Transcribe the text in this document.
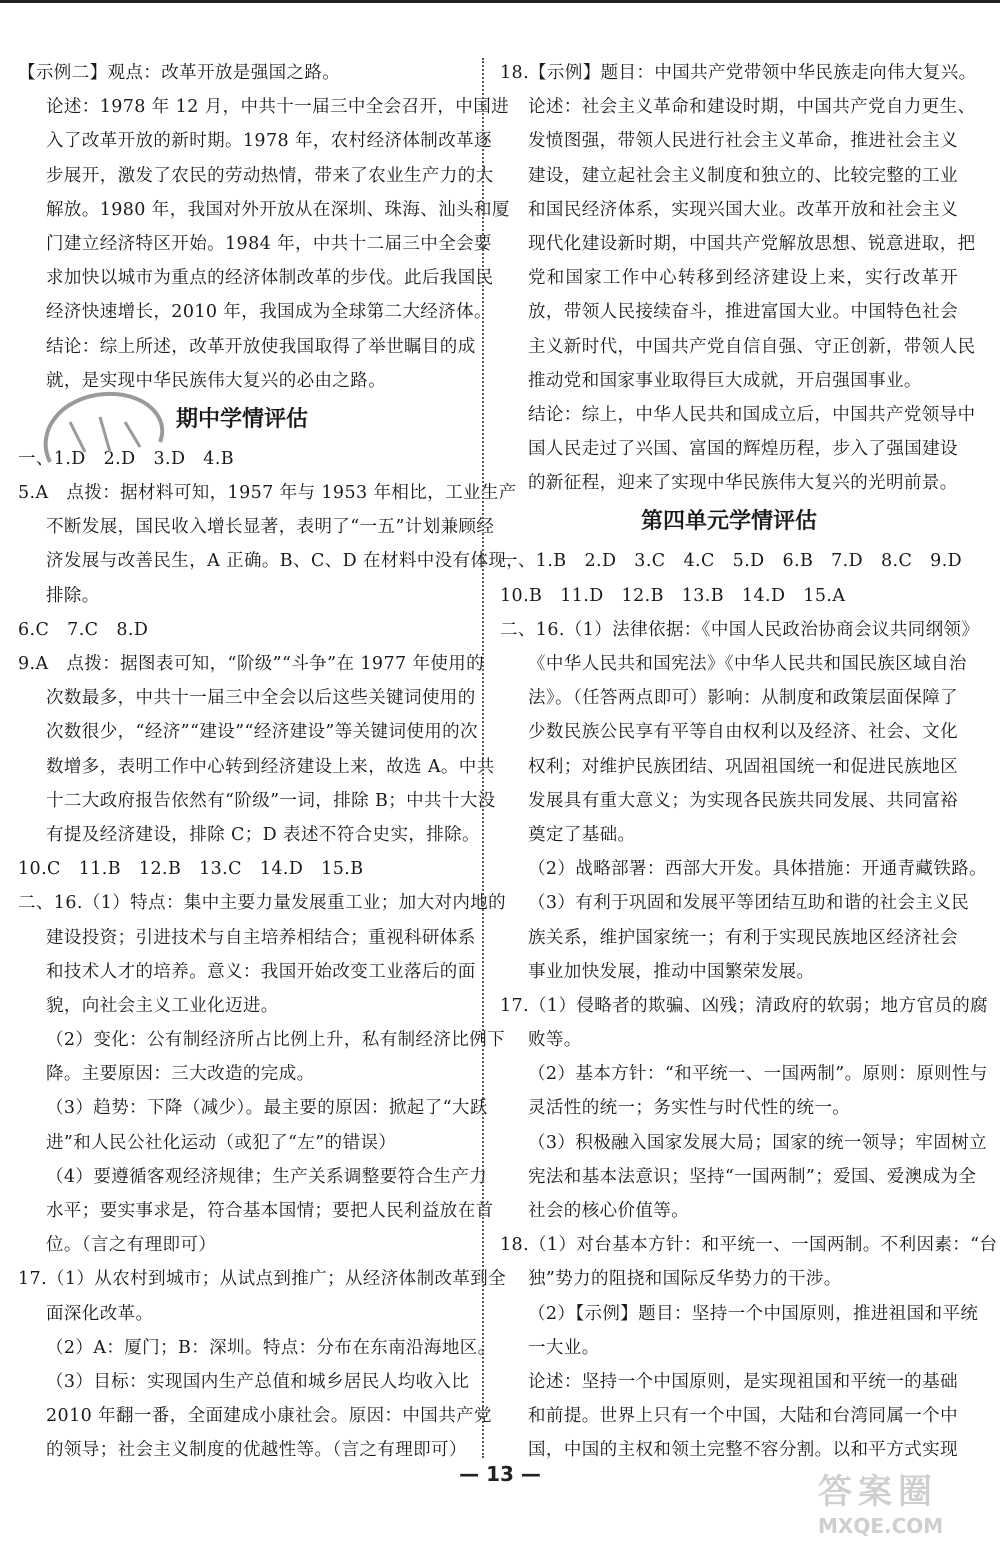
【示例二】观点：改革开放是强国之路。
论述：1978 年 12 月，中共十一届三中全会召开，中国进
入了改革开放的新时期。1978 年，农村经济体制改革逐
步展开，激发了农民的劳动热情，带来了农业生产力的大
解放。1980 年，我国对外开放从在深圳、珠海、汕头和厦
门建立经济特区开始。1984 年，中共十二届三中全会要
求加快以城市为重点的经济体制改革的步伐。此后我国民
经济快速增长，2010 年，我国成为全球第二大经济体。
结论：综上所述，改革开放使我国取得了举世瞩目的成
就，是实现中华民族伟大复兴的必由之路。
期中学情评估
一、1.D　2.D　3.D　4.B
5.A　点拨：据材料可知，1957 年与 1953 年相比，工业生产
不断发展，国民收入增长显著，表明了“一五”计划兼顾经
济发展与改善民生，A 正确。B、C、D 在材料中没有体现，
排除。
6.C　7.C　8.D
9.A　点拨：据图表可知，“阶级”“斗争”在 1977 年使用的
次数最多，中共十一届三中全会以后这些关键词使用的
次数很少，“经济”“建设”“经济建设”等关键词使用的次
数增多，表明工作中心转到经济建设上来，故选 A。中共
十二大政府报告依然有“阶级”一词，排除 B；中共十大没
有提及经济建设，排除 C；D 表述不符合史实，排除。
10.C　11.B　12.B　13.C　14.D　15.B
二、16.（1）特点：集中主要力量发展重工业；加大对内地的
建设投资；引进技术与自主培养相结合；重视科研体系
和技术人才的培养。意义：我国开始改变工业落后的面
貌，向社会主义工业化迈进。
（2）变化：公有制经济所占比例上升，私有制经济比例下
降。主要原因：三大改造的完成。
（3）趋势：下降（减少）。最主要的原因：掀起了“大跃
进”和人民公社化运动（或犯了“左”的错误）
（4）要遵循客观经济规律；生产关系调整要符合生产力
水平；要实事求是，符合基本国情；要把人民利益放在首
位。（言之有理即可）
17.（1）从农村到城市；从试点到推广；从经济体制改革到全
面深化改革。
（2）A：厦门；B：深圳。特点：分布在东南沿海地区。
（3）目标：实现国内生产总值和城乡居民人均收入比
2010 年翻一番，全面建成小康社会。原因：中国共产党
的领导；社会主义制度的优越性等。（言之有理即可）
18.【示例】题目：中国共产党带领中华民族走向伟大复兴。
论述：社会主义革命和建设时期，中国共产党自力更生、
发愤图强，带领人民进行社会主义革命，推进社会主义
建设，建立起社会主义制度和独立的、比较完整的工业
和国民经济体系，实现兴国大业。改革开放和社会主义
现代化建设新时期，中国共产党解放思想、锐意进取，把
党和国家工作中心转移到经济建设上来，实行改革开
放，带领人民接续奋斗，推进富国大业。中国特色社会
主义新时代，中国共产党自信自强、守正创新，带领人民
推动党和国家事业取得巨大成就，开启强国事业。
结论：综上，中华人民共和国成立后，中国共产党领导中
国人民走过了兴国、富国的辉煌历程，步入了强国建设
的新征程，迎来了实现中华民族伟大复兴的光明前景。
第四单元学情评估
一、1.B　2.D　3.C　4.C　5.D　6.B　7.D　8.C　9.D
10.B　11.D　12.B　13.B　14.D　15.A
二、16.（1）法律依据：《中国人民政治协商会议共同纲领》
《中华人民共和国宪法》《中华人民共和国民族区域自治
法》。（任答两点即可）影响：从制度和政策层面保障了
少数民族公民享有平等自由权利以及经济、社会、文化
权利；对维护民族团结、巩固祖国统一和促进民族地区
发展具有重大意义；为实现各民族共同发展、共同富裕
奠定了基础。
（2）战略部署：西部大开发。具体措施：开通青藏铁路。
（3）有利于巩固和发展平等团结互助和谐的社会主义民
族关系，维护国家统一；有利于实现民族地区经济社会
事业加快发展，推动中国繁荣发展。
17.（1）侵略者的欺骗、凶残；清政府的软弱；地方官员的腐
败等。
（2）基本方针：“和平统一、一国两制”。原则：原则性与
灵活性的统一；务实性与时代性的统一。
（3）积极融入国家发展大局；国家的统一领导；牢固树立
宪法和基本法意识；坚持“一国两制”；爱国、爱澳成为全
社会的核心价值等。
18.（1）对台基本方针：和平统一、一国两制。不利因素：“台
独”势力的阻挠和国际反华势力的干涉。
（2）【示例】题目：坚持一个中国原则，推进祖国和平统
一大业。
论述：坚持一个中国原则，是实现祖国和平统一的基础
和前提。世界上只有一个中国，大陆和台湾同属一个中
国，中国的主权和领土完整不容分割。以和平方式实现
— 13 —	答案圈
MXQE.COM
